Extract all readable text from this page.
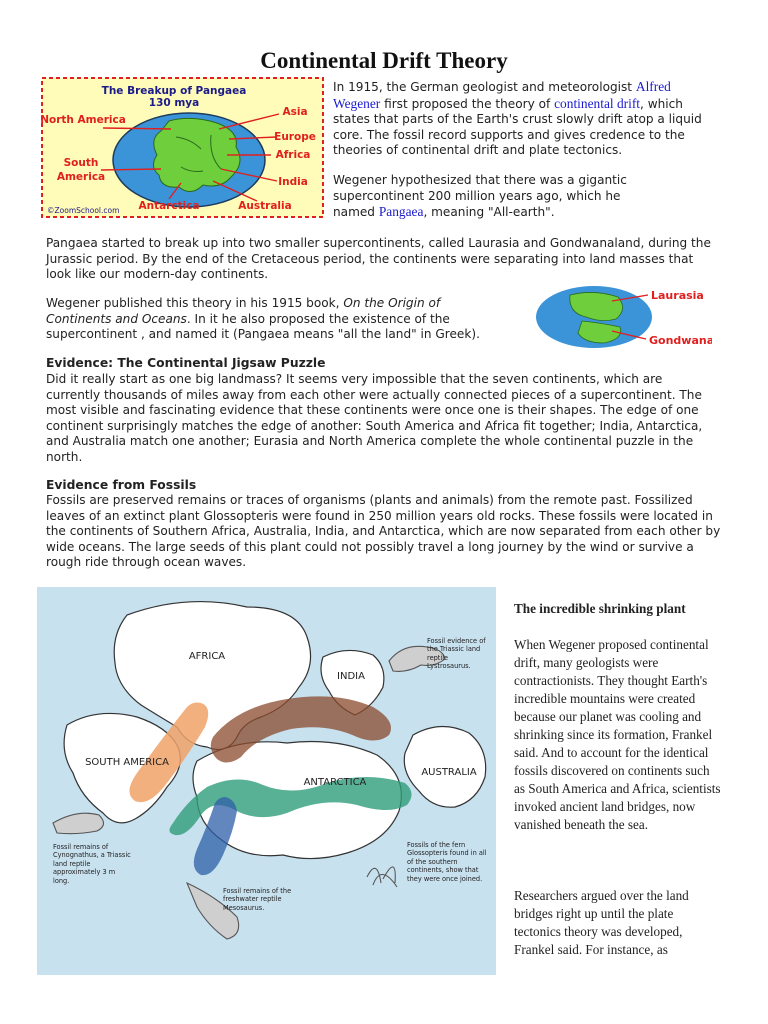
Continental Drift Theory
The Breakup of Pangaea
130 mya
North America
Asia
Europe
Africa
India
Antarctica	Australia
©ZoomSchool.com
South America

In 1915, the German geologist and meteorologist Alfred Wegener first proposed the theory of continental drift, which states that parts of the Earth's crust slowly drift atop a liquid core. The fossil record supports and gives credence to the theories of continental drift and plate tectonics.

Wegener hypothesized that there was a gigantic supercontinent 200 million years ago, which he named Pangaea, meaning "All-earth".

Pangaea started to break up into two smaller supercontinents, called Laurasia and Gondwanaland, during the Jurassic period. By the end of the Cretaceous period, the continents were separating into land masses that look like our modern-day continents.

Wegener published this theory in his 1915 book, On the Origin of Continents and Oceans. In it he also proposed the existence of the supercontinent , and named it (Pangaea means "all the land" in Greek).

Laurasia
Gondwana
Evidence: The Continental Jigsaw Puzzle

Did it really start as one big landmass? It seems very impossible that the seven continents, which are currently thousands of miles away from each other were actually connected pieces of a supercontinent. The most visible and fascinating evidence that these continents were once one is their shapes. The edge of one continent surprisingly matches the edge of another: South America and Africa fit together; India, Antarctica, and Australia match one another; Eurasia and North America complete the whole continental puzzle in the north.

Evidence from Fossils

Fossils are preserved remains or traces of organisms (plants and animals) from the remote past. Fossilized leaves of an extinct plant Glossopteris were found in 250 million years old rocks. These fossils were located in the continents of Southern Africa, Australia, India, and Antarctica, which are now separated from each other by wide oceans. The large seeds of this plant could not possibly travel a long journey by the wind or survive a rough ride through ocean waves.

AFRICA
INDIA
SOUTH AMERICA
ANTARCTICA
AUSTRALIA
Fossil evidence of the Triassic land reptile Lystrosaurus.
Fossil remains of Cynognathus, a Triassic land reptile approximately 3 m long.
Fossil remains of the freshwater reptile Mesosaurus.
Fossils of the fern Glossopteris found in all of the southern continents, show that they were once joined.
The incredible shrinking plant

When Wegener proposed continental drift, many geologists were contractionists. They thought Earth's incredible mountains were created because our planet was cooling and shrinking since its formation, Frankel said. And to account for the identical fossils discovered on continents such as South America and Africa, scientists invoked ancient land bridges, now vanished beneath the sea.

Researchers argued over the land bridges right up until the plate tectonics theory was developed, Frankel said. For instance, as
